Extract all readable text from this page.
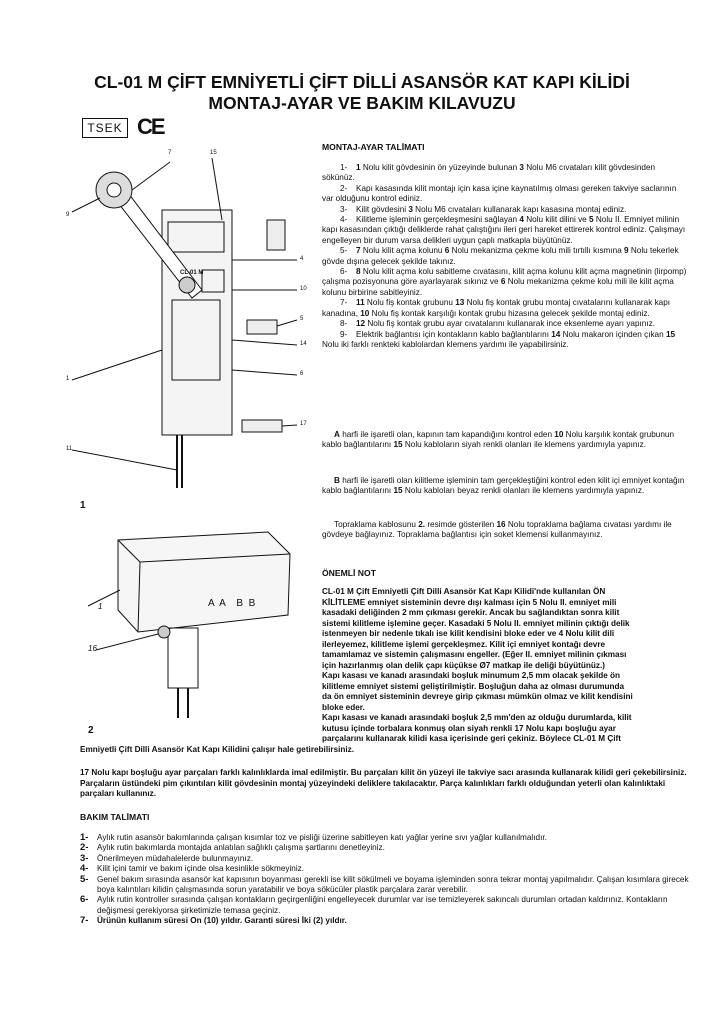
CL-01 M ÇİFT EMNİYETLİ ÇİFT DİLLİ ASANSÖR KAT KAPI KİLİDİ
MONTAJ-AYAR VE BAKIM KILAVUZU
TSEK CE
7
9
15
4
10
5
14
6
17
1
11
CL-01 M
1
1
16
A  A    B  B
2
MONTAJ-AYAR TALİMATI
1- 1 Nolu kilit gövdesinin ön yüzeyinde bulunan 3 Nolu M6 cıvataları kilit gövdesinden sökünüz.
2- Kapı kasasında kilit montajı için kasa içine kaynatılmış olması gereken takviye saclarının var olduğunu kontrol ediniz.
3- Kilit gövdesini 3 Nolu M6 cıvataları kullanarak kapı kasasına montaj ediniz.
4- Kilitleme işleminin gerçekleşmesini sağlayan 4 Nolu kilit dilini ve 5 Nolu II. Emniyet milinin kapı kasasından çıktığı deliklerde rahat çalıştığını ileri geri hareket ettirerek kontrol ediniz. Çalışmayı engelleyen bir durum varsa delikleri uygun çaplı matkapla büyütünüz.
5- 7 Nolu kilit açma kolunu 6 Nolu mekanizma çekme kolu mili tırtıllı kısmına 9 Nolu tekerlek gövde dışına gelecek şekilde takınız.
6- 8 Nolu kilit açma kolu sabitleme cıvatasını, kilit açma kolunu kilit açma magnetinin (lirpomp) çalışma pozisyonuna göre ayarlayarak sıkınız ve 6 Nolu mekanizma çekme kolu mili ile kilit açma kolunu birbirine sabitleyiniz.
7- 11 Nolu fiş kontak grubunu 13 Nolu fiş kontak grubu montaj cıvatalarını kullanarak kapı kanadına, 10 Nolu fiş kontak karşılığı kontak grubu hizasına gelecek şekilde montaj ediniz.
8- 12 Nolu fiş kontak grubu ayar cıvatalarını kullanarak ince eksenleme ayarı yapınız.
9- Elektrik bağlantısı için kontakların kablo bağlantılarını 14 Nolu makaron içinden çıkan 15 Nolu iki farklı renkteki kablolardan klemens yardımı ile yapabilirsiniz.
A harfi ile işaretli olan, kapının tam kapandığını kontrol eden 10 Nolu karşılık kontak grubunun kablo bağlantılarını 15 Nolu kabloların siyah renkli olanları ile klemens yardımıyla yapınız.
B harfi ile işaretli olan kilitleme işleminin tam gerçekleştiğini kontrol eden kilit içi emniyet kontağın kablo bağlantılarını 15 Nolu kabloları beyaz renkli olanları ile klemens yardımıyla yapınız.
Topraklama kablosunu 2. resimde gösterilen 16 Nolu topraklama bağlama cıvatası yardımı ile gövdeye bağlayınız. Topraklama bağlantısı için soket klemensi kullanmayınız.
ÖNEMLİ NOT
CL-01 M Çift Emniyetli Çift Dilli Asansör Kat Kapı Kilidi'nde kullanılan ÖN
KİLİTLEME emniyet sisteminin devre dışı kalması için 5 Nolu II. emniyet mili
kasadaki deliğinden 2 mm çıkması gerekir. Ancak bu sağlandıktan sonra kilit
sistemi kilitleme işlemine geçer. Kasadaki 5 Nolu II. emniyet milinin çıktığı delik
istenmeyen bir nedenle tıkalı ise kilit kendisini bloke eder ve 4 Nolu kilit dili
ilerleyemez, kilitleme işlemi gerçekleşmez. Kilit içi emniyet kontağı devre
tamamlamaz ve sistemin çalışmasını engeller. (Eğer II. emniyet milinin çıkması
için hazırlanmış olan delik çapı küçükse Ø7 matkap ile deliği büyütünüz.)
Kapı kasası ve kanadı arasındaki boşluk minumum 2,5 mm olacak şekilde ön
kilitleme emniyet sistemi geliştirilmiştir. Boşluğun daha az olması durumunda
da ön emniyet sisteminin devreye girip çıkması mümkün olmaz ve kilit kendisini
bloke eder.
Kapı kasası ve kanadı arasındaki boşluk 2,5 mm'den az olduğu durumlarda, kilit
kutusu içinde torbalara konmuş olan siyah renkli 17 Nolu kapı boşluğu ayar
parçalarını kullanarak kilidi kasa içerisinde geri çekiniz. Böylece CL-01 M Çift
Emniyetli Çift Dilli Asansör Kat Kapı Kilidini çalışır hale getirebilirsiniz.
17 Nolu kapı boşluğu ayar parçaları farklı kalınlıklarda imal edilmiştir. Bu parçaları kilit ön yüzeyi ile takviye sacı arasında kullanarak kilidi geri çekebilirsiniz. Parçaların üstündeki pim çıkıntıları kilit gövdesinin montaj yüzeyindeki deliklere takılacaktır. Parça kalınlıkları farklı olduğundan yeterli olan kalınlıktaki parçaları kullanınız.
BAKIM TALİMATI
1- Aylık rutin asansör bakımlarında çalışan kısımlar toz ve pisliği üzerine sabitleyen katı yağlar yerine sıvı yağlar kullanılmalıdır.
2- Aylık rutin bakımlarda montajda anlatılan sağlıklı çalışma şartlarını denetleyiniz.
3- Önerilmeyen müdahalelerde bulunmayınız.
4- Kilit içini tamir ve bakım içinde olsa kesinlikle sökmeyiniz.
5- Genel bakım sırasında asansör kat kapısının boyanması gerekli ise kilit sökülmeli ve boyama işleminden sonra tekrar montaj yapılmalıdır. Çalışan kısımlara girecek boya kalıntıları kilidin çalışmasında sorun yaratabilir ve boya sökücüler plastik parçalara zarar verebilir.
6- Aylık rutin kontroller sırasında çalışan kontakların geçirgenliğini engelleyecek durumlar var ise temizleyerek sakıncalı durumları ortadan kaldırınız. Kontakların değişmesi gerekiyorsa şirketimizle temasa geçiniz.
7- Ürünün kullanım süresi On (10) yıldır. Garanti süresi İki (2) yıldır.
